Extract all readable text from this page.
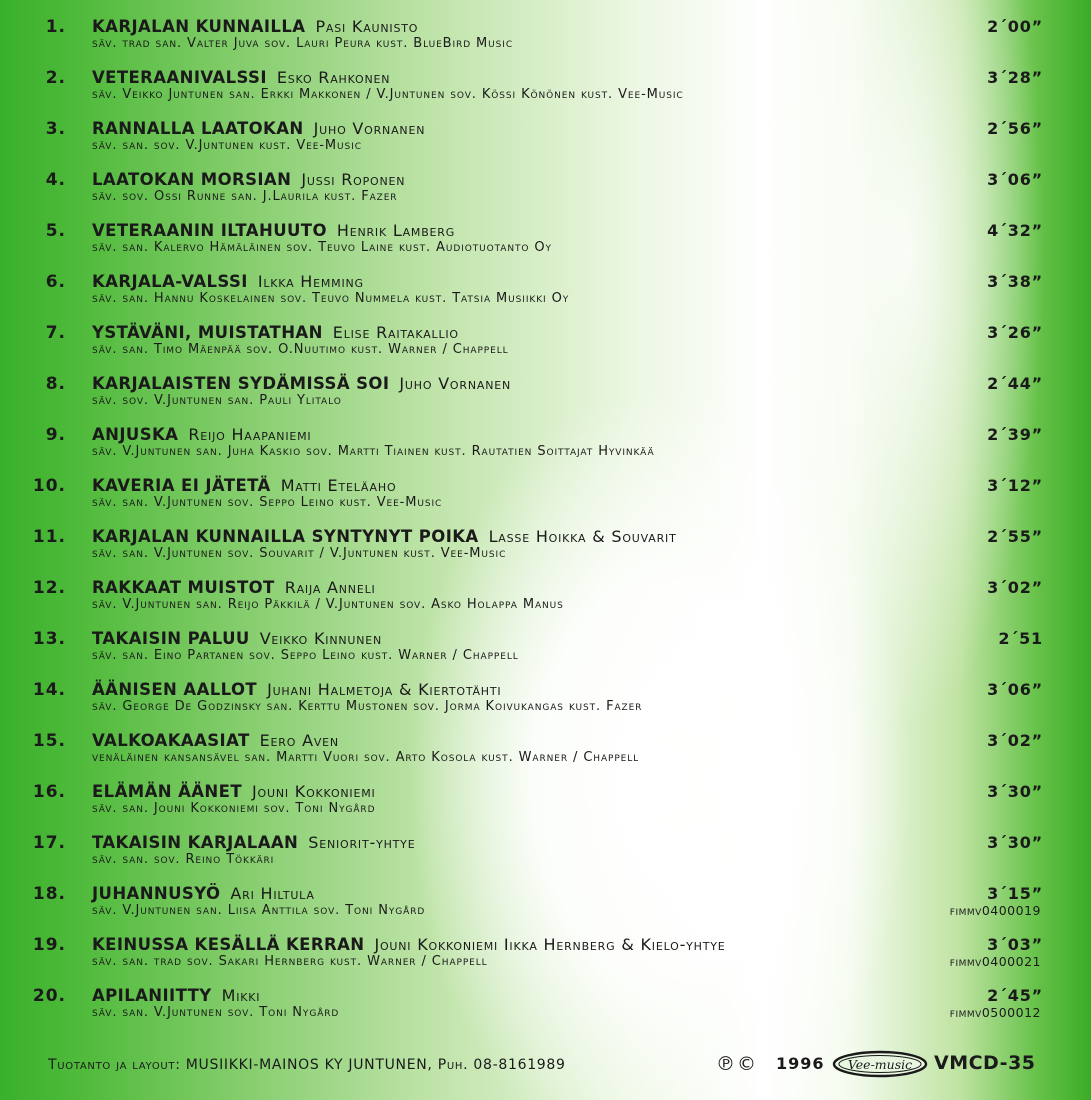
1. KARJALAN KUNNAILLA Pasi Kaunisto	2´00”
säv. trad san. Valter Juva sov. Lauri Peura kust. BlueBird Music
2. VETERAANIVALSSI Esko Rahkonen	3´28”
säv. Veikko Juntunen san. Erkki Makkonen / V.Juntunen sov. Kössi Könönen kust. Vee-Music
3. RANNALLA LAATOKAN Juho Vornanen	2´56”
säv. san. sov. V.Juntunen kust. Vee-Music
4. LAATOKAN MORSIAN Jussi Roponen	3´06”
säv. sov. Ossi Runne san. J.Laurila kust. Fazer
5. VETERAANIN ILTAHUUTO Henrik Lamberg	4´32”
säv. san. Kalervo Hämäläinen sov. Teuvo Laine kust. Audiotuotanto Oy
6. KARJALA-VALSSI Ilkka Hemming	3´38”
säv. san. Hannu Koskelainen sov. Teuvo Nummela kust. Tatsia Musiikki Oy
7. YSTÄVÄNI, MUISTATHAN Elise Raitakallio	3´26”
säv. san. Timo Mäenpää sov. O.Nuutimo kust. Warner / Chappell
8. KARJALAISTEN SYDÄMISSÄ SOI Juho Vornanen	2´44”
säv. sov. V.Juntunen san. Pauli Ylitalo
9. ANJUSKA Reijo Haapaniemi	2´39”
säv. V.Juntunen san. Juha Kaskio sov. Martti Tiainen kust. Rautatien Soittajat Hyvinkää
10. KAVERIA EI JÄTETÄ Matti Eteläaho	3´12”
säv. san. V.Juntunen sov. Seppo Leino kust. Vee-Music
11. KARJALAN KUNNAILLA SYNTYNYT POIKA Lasse Hoikka & Souvarit	2´55”
säv. san. V.Juntunen sov. Souvarit / V.Juntunen kust. Vee-Music
12. RAKKAAT MUISTOT Raija Anneli	3´02”
säv. V.Juntunen san. Reijo Päkkilä / V.Juntunen sov. Asko Holappa Manus
13. TAKAISIN PALUU Veikko Kinnunen	2´51
säv. san. Eino Partanen sov. Seppo Leino kust. Warner / Chappell
14. ÄÄNISEN AALLOT Juhani Halmetoja & Kiertotähti	3´06”
säv. George De Godzinsky san. Kerttu Mustonen sov. Jorma Koivukangas kust. Fazer
15. VALKOAKAASIAT Eero Aven	3´02”
venäläinen kansansävel san. Martti Vuori sov. Arto Kosola kust. Warner / Chappell
16. ELÄMÄN ÄÄNET Jouni Kokkoniemi	3´30”
säv. san. Jouni Kokkoniemi sov. Toni Nygård
17. TAKAISIN KARJALAAN Seniorit-yhtye	3´30”
säv. san. sov. Reino Tökkäri
18. JUHANNUSYÖ Ari Hiltula	3´15”
säv. V.Juntunen san. Liisa Anttila sov. Toni Nygård	fimmv0400019
19. KEINUSSA KESÄLLÄ KERRAN Jouni Kokkoniemi Iikka Hernberg & Kielo-yhtye	3´03”
säv. san. trad sov. Sakari Hernberg kust. Warner / Chappell	fimmv0400021
20. APILANIITTY Mikki	2´45”
säv. san. V.Juntunen sov. Toni Nygård	fimmv0500012
Tuotanto ja layout: MUSIIKKI-MAINOS KY JUNTUNEN, Puh. 08-8161989	℗© 1996 Vee-music VMCD-35
